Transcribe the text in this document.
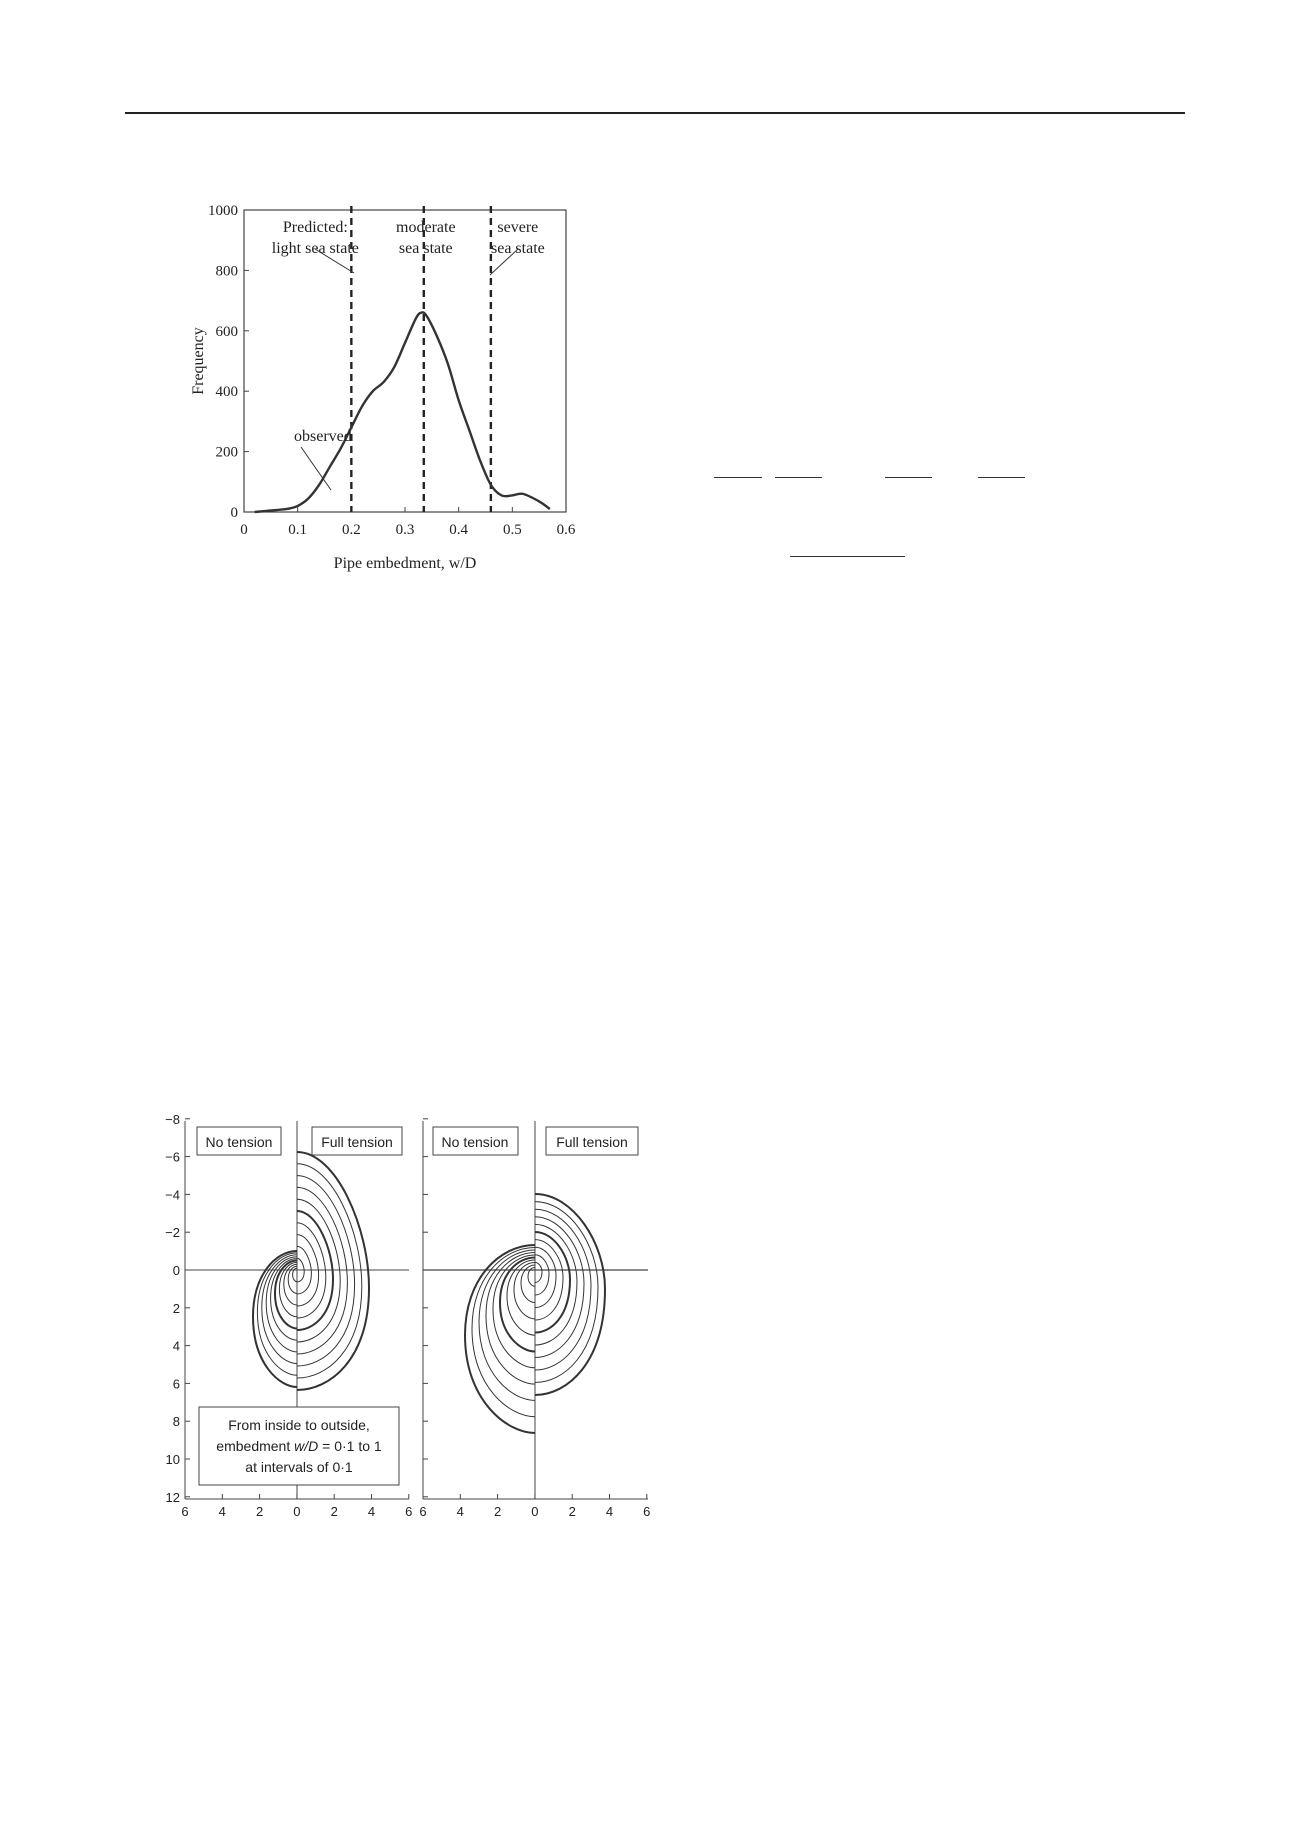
0
200
400
600
800
1000
0	0.1 0.2 0.3 0.4 0.5 0.6
Predicted:
light sea state
moderate
sea state
severe
sea state
Frequency
Pipe embedment, w/D
observed
−8
−6
−4
−2
0
2
4
6
8
10
12
6 4 2 0 2 4 6 6 4 2 0 2 4 6
No tension	Full tension	No tension	Full tension
From inside to outside,
embedment w/D = 0·1 to 1
at intervals of 0·1
